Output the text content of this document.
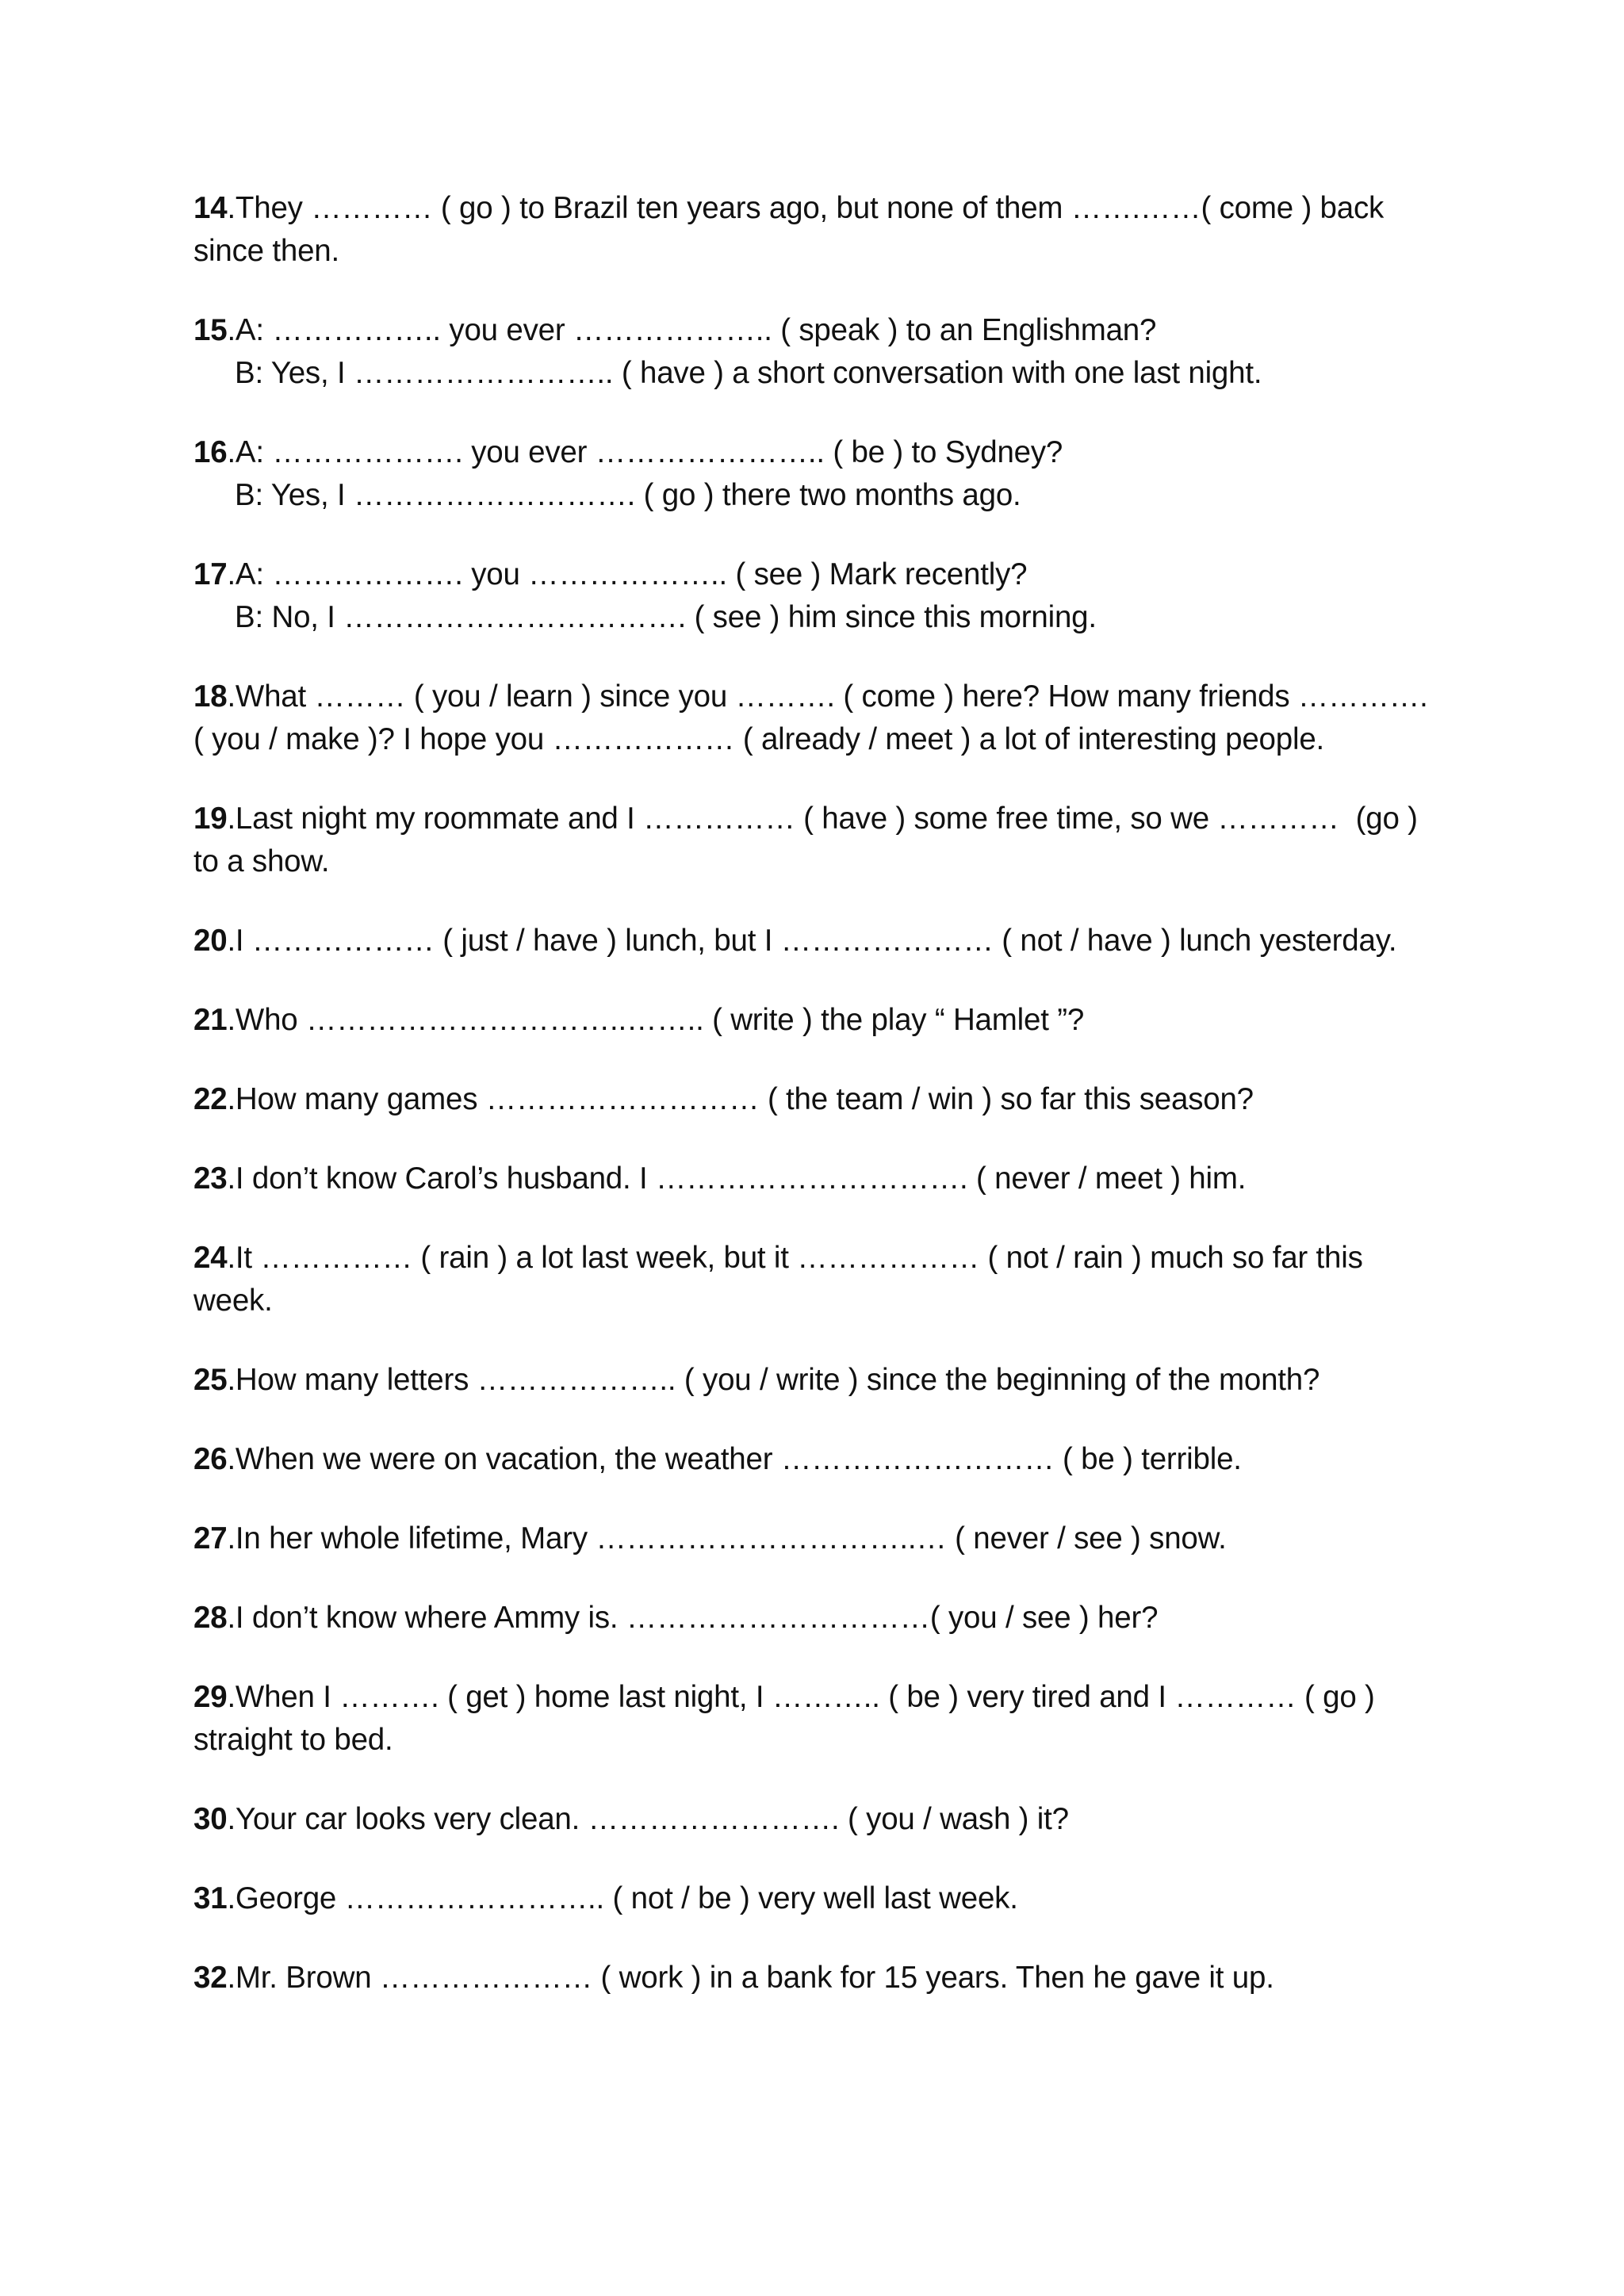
14.They ………… ( go ) to Brazil ten years ago, but none of them …….……( come ) back
since then.
15.A: …………….. you ever ……………….. ( speak ) to an Englishman?
B: Yes, I …………………….. ( have ) a short conversation with one last night.
16.A: ………………. you ever ………………….. ( be ) to Sydney?
B: Yes, I ………………………. ( go ) there two months ago.
17.A: ………………. you ……………….. ( see ) Mark recently?
B: No, I ……………………………. ( see ) him since this morning.
18.What ……… ( you / learn ) since you ………. ( come ) here? How many friends ………….
( you / make )? I hope you ……………… ( already / meet ) a lot of interesting people.
19.Last night my roommate and I …………… ( have ) some free time, so we …………  (go )
to a show.
20.I ……………… ( just / have ) lunch, but I ………………… ( not / have ) lunch yesterday.
21.Who …………………………..…….. ( write ) the play “ Hamlet ”?
22.How many games ……………………… ( the team / win ) so far this season?
23.I don’t know Carol’s husband. I …………………………. ( never / meet ) him.
24.It …………… ( rain ) a lot last week, but it ……………… ( not / rain ) much so far this
week.
25.How many letters ……………….. ( you / write ) since the beginning of the month?
26.When we were on vacation, the weather ……………………… ( be ) terrible.
27.In her whole lifetime, Mary …………………………..… ( never / see ) snow.
28.I don’t know where Ammy is. …………………………( you / see ) her?
29.When I ………. ( get ) home last night, I ……….. ( be ) very tired and I ………… ( go )
straight to bed.
30.Your car looks very clean. ……………………. ( you / wash ) it?
31.George …………………….. ( not / be ) very well last week.
32.Mr. Brown ………………… ( work ) in a bank for 15 years. Then he gave it up.
